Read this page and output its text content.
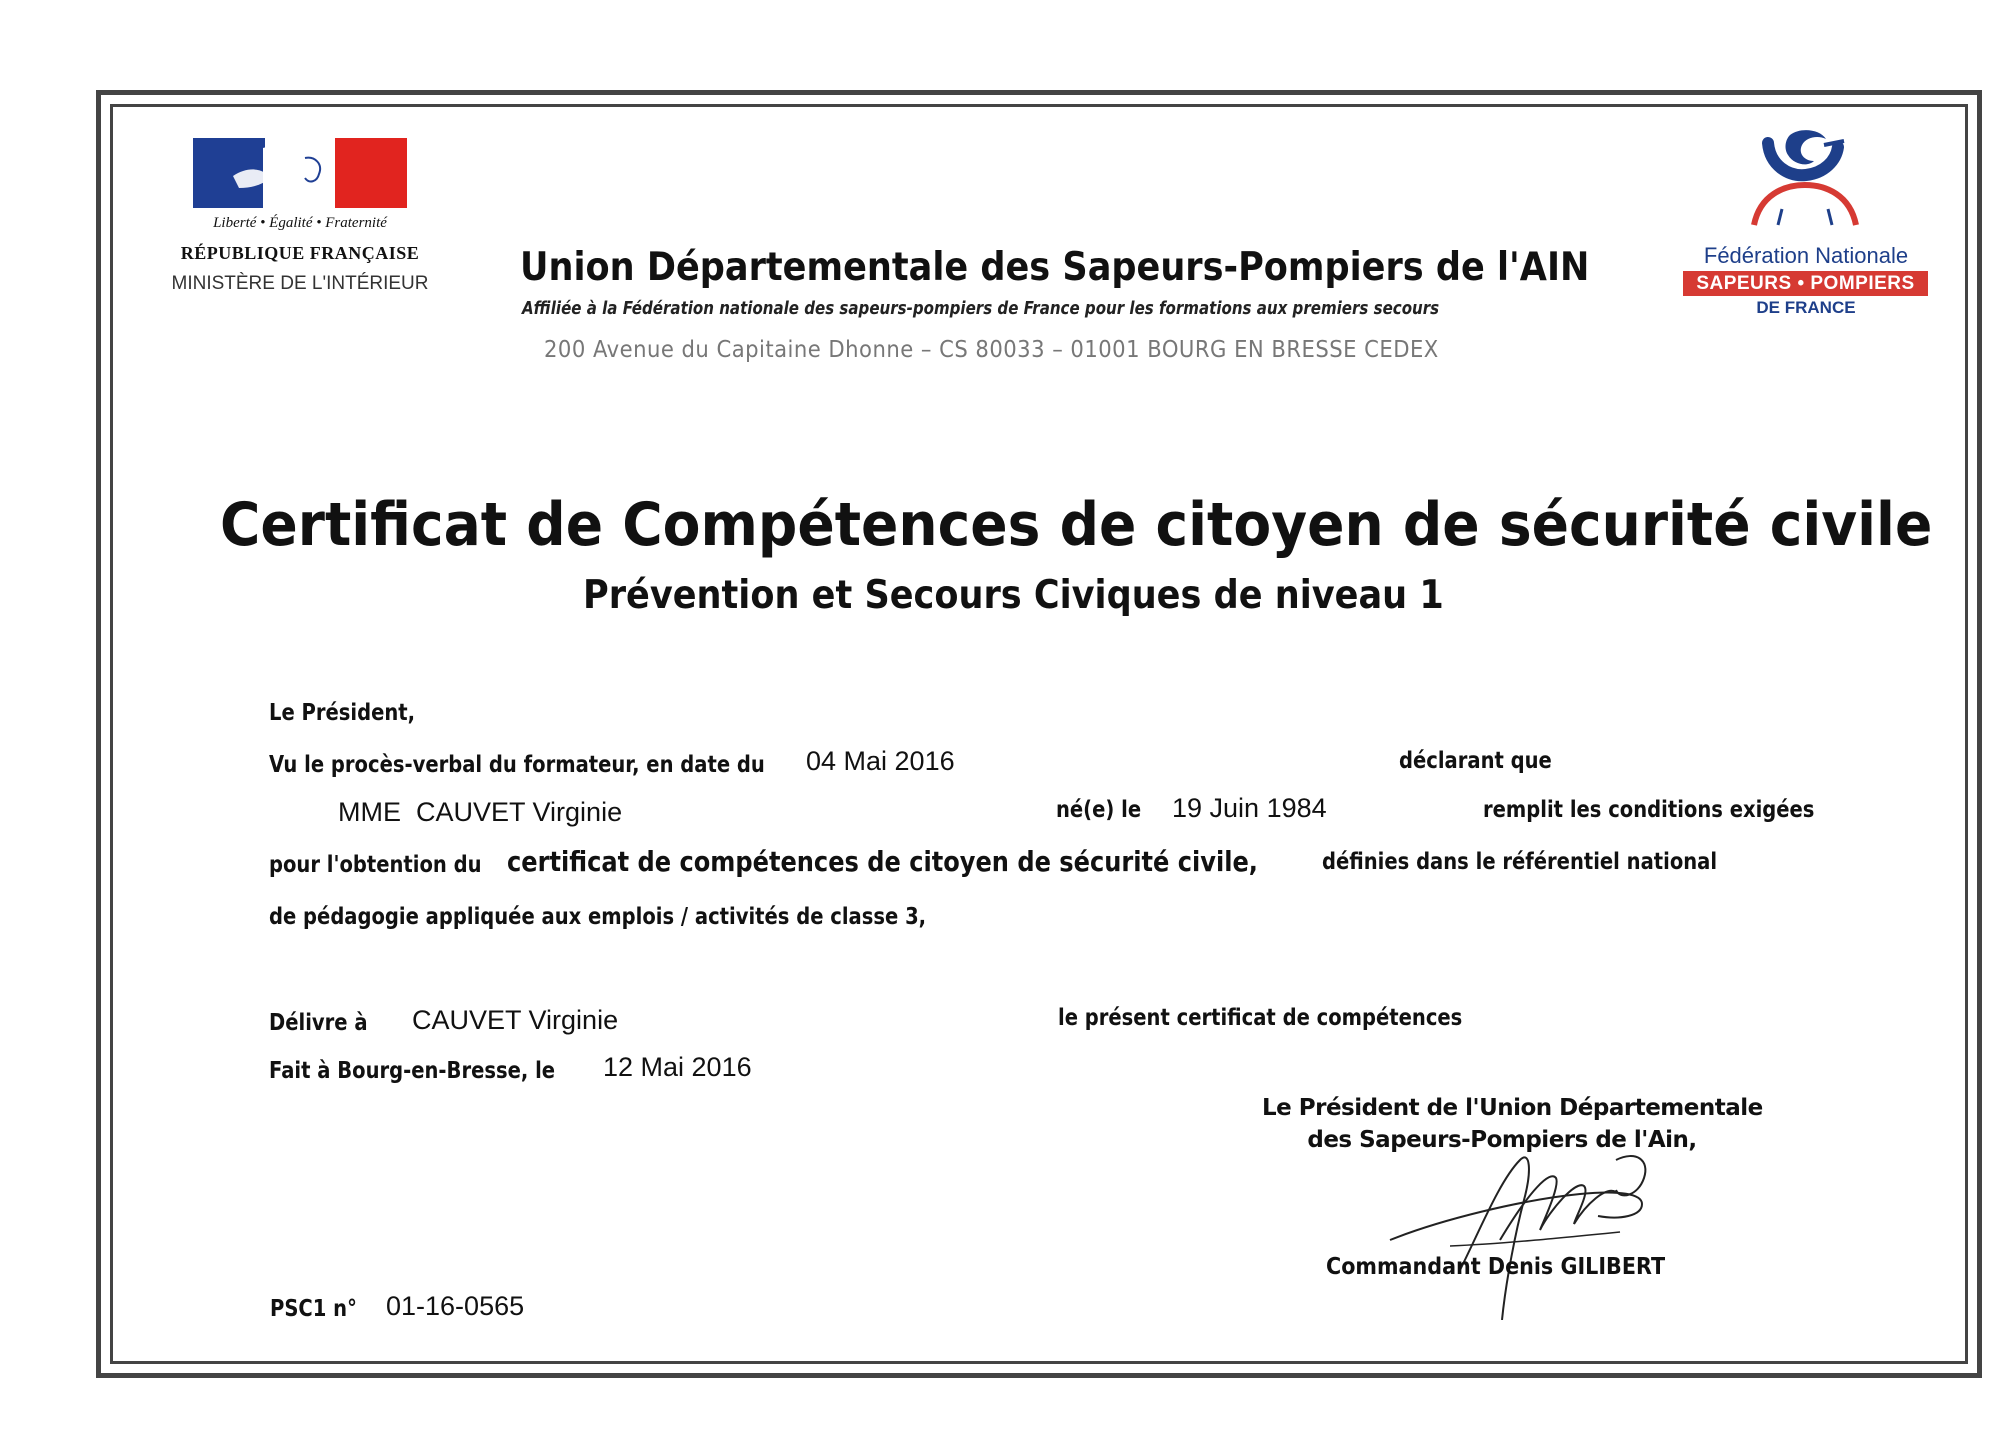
Liberté • Égalité • Fraternité
RÉPUBLIQUE FRANÇAISE
MINISTÈRE DE L'INTÉRIEUR	Union Départementale des Sapeurs-Pompiers de l'AIN
Affiliée à la Fédération nationale des sapeurs-pompiers de France pour les formations aux premiers secours
200 Avenue du Capitaine Dhonne – CS 80033 – 01001 BOURG EN BRESSE CEDEX
Fédération Nationale
SAPEURS • POMPIERS
DE FRANCE
Certificat de Compétences de citoyen de sécurité civile
Prévention et Secours Civiques de niveau 1
Le Président,
Vu le procès-verbal du formateur, en date du 04 Mai 2016	déclarant que
MME  CAUVET Virginie	né(e) le 19 Juin 1984	remplit les conditions exigées
pour l'obtention du certificat de compétences de citoyen de sécurité civile,	définies dans le référentiel national
de pédagogie appliquée aux emplois / activités de classe 3,
Délivre à CAUVET Virginie	le présent certificat de compétences
Fait à Bourg-en-Bresse, le 12 Mai 2016
Le Président de l'Union Départementale
des Sapeurs-Pompiers de l'Ain,
Commandant Denis GILIBERT
PSC1 n° 01-16-0565
